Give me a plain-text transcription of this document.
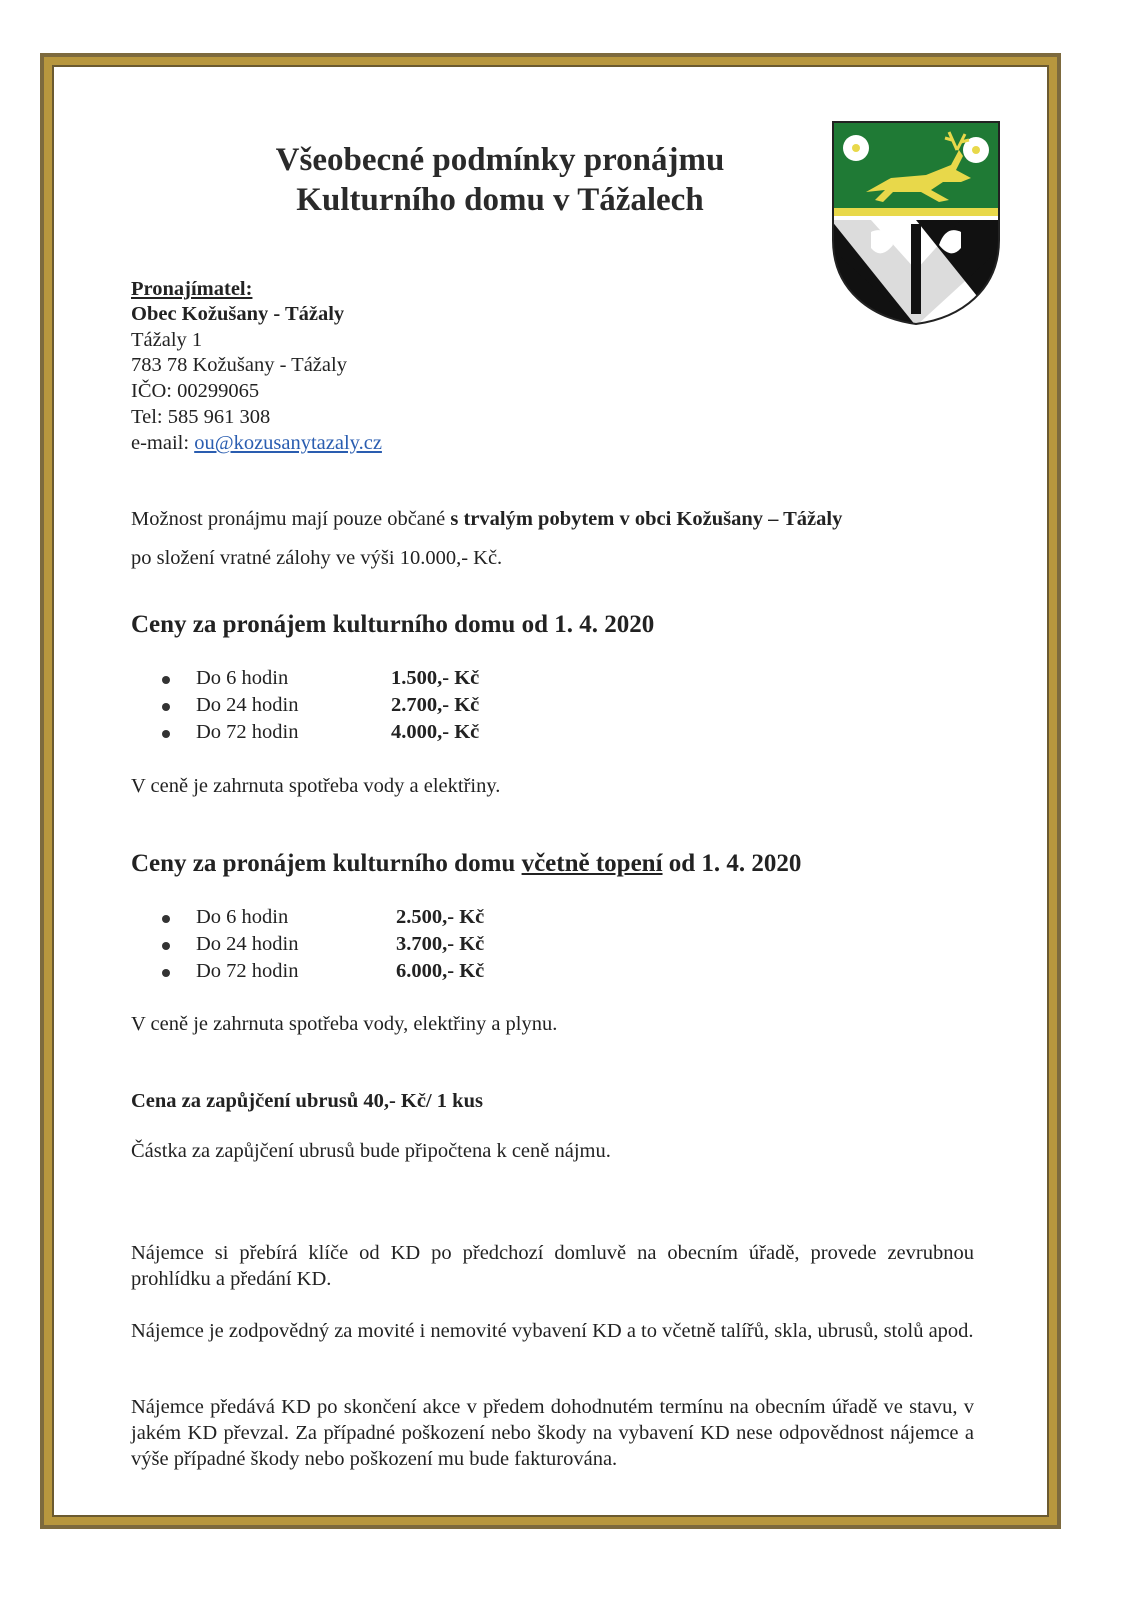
Všeobecné podmínky pronájmu
Kulturního domu v Tážalech
Pronajímatel:
Obec Kožušany - Tážaly
Tážaly 1
783 78 Kožušany - Tážaly
IČO: 00299065
Tel: 585 961 308
e-mail: ou@kozusanytazaly.cz
Možnost pronájmu mají pouze občané s trvalým pobytem v obci Kožušany – Tážaly
po složení vratné zálohy ve výši 10.000,- Kč.
Ceny za pronájem kulturního domu od 1. 4. 2020
Do 6 hodin	1.500,- Kč
Do 24 hodin	2.700,- Kč
Do 72 hodin	4.000,- Kč
V ceně je zahrnuta spotřeba vody a elektřiny.
Ceny za pronájem kulturního domu včetně topení od 1. 4. 2020
Do 6 hodin	2.500,- Kč
Do 24 hodin	3.700,- Kč
Do 72 hodin	6.000,- Kč
V ceně je zahrnuta spotřeba vody, elektřiny a plynu.
Cena za zapůjčení ubrusů 40,- Kč/ 1 kus
Částka za zapůjčení ubrusů bude připočtena k ceně nájmu.
Nájemce si přebírá klíče od KD po předchozí domluvě na obecním úřadě, provede zevrubnou prohlídku a předání KD.
Nájemce je zodpovědný za movité i nemovité vybavení KD a to včetně talířů, skla, ubrusů, stolů apod.
Nájemce předává KD po skončení akce v předem dohodnutém termínu na obecním úřadě ve stavu, v jakém KD převzal. Za případné poškození nebo škody na vybavení KD nese odpovědnost nájemce a výše případné škody nebo poškození mu bude fakturována.
